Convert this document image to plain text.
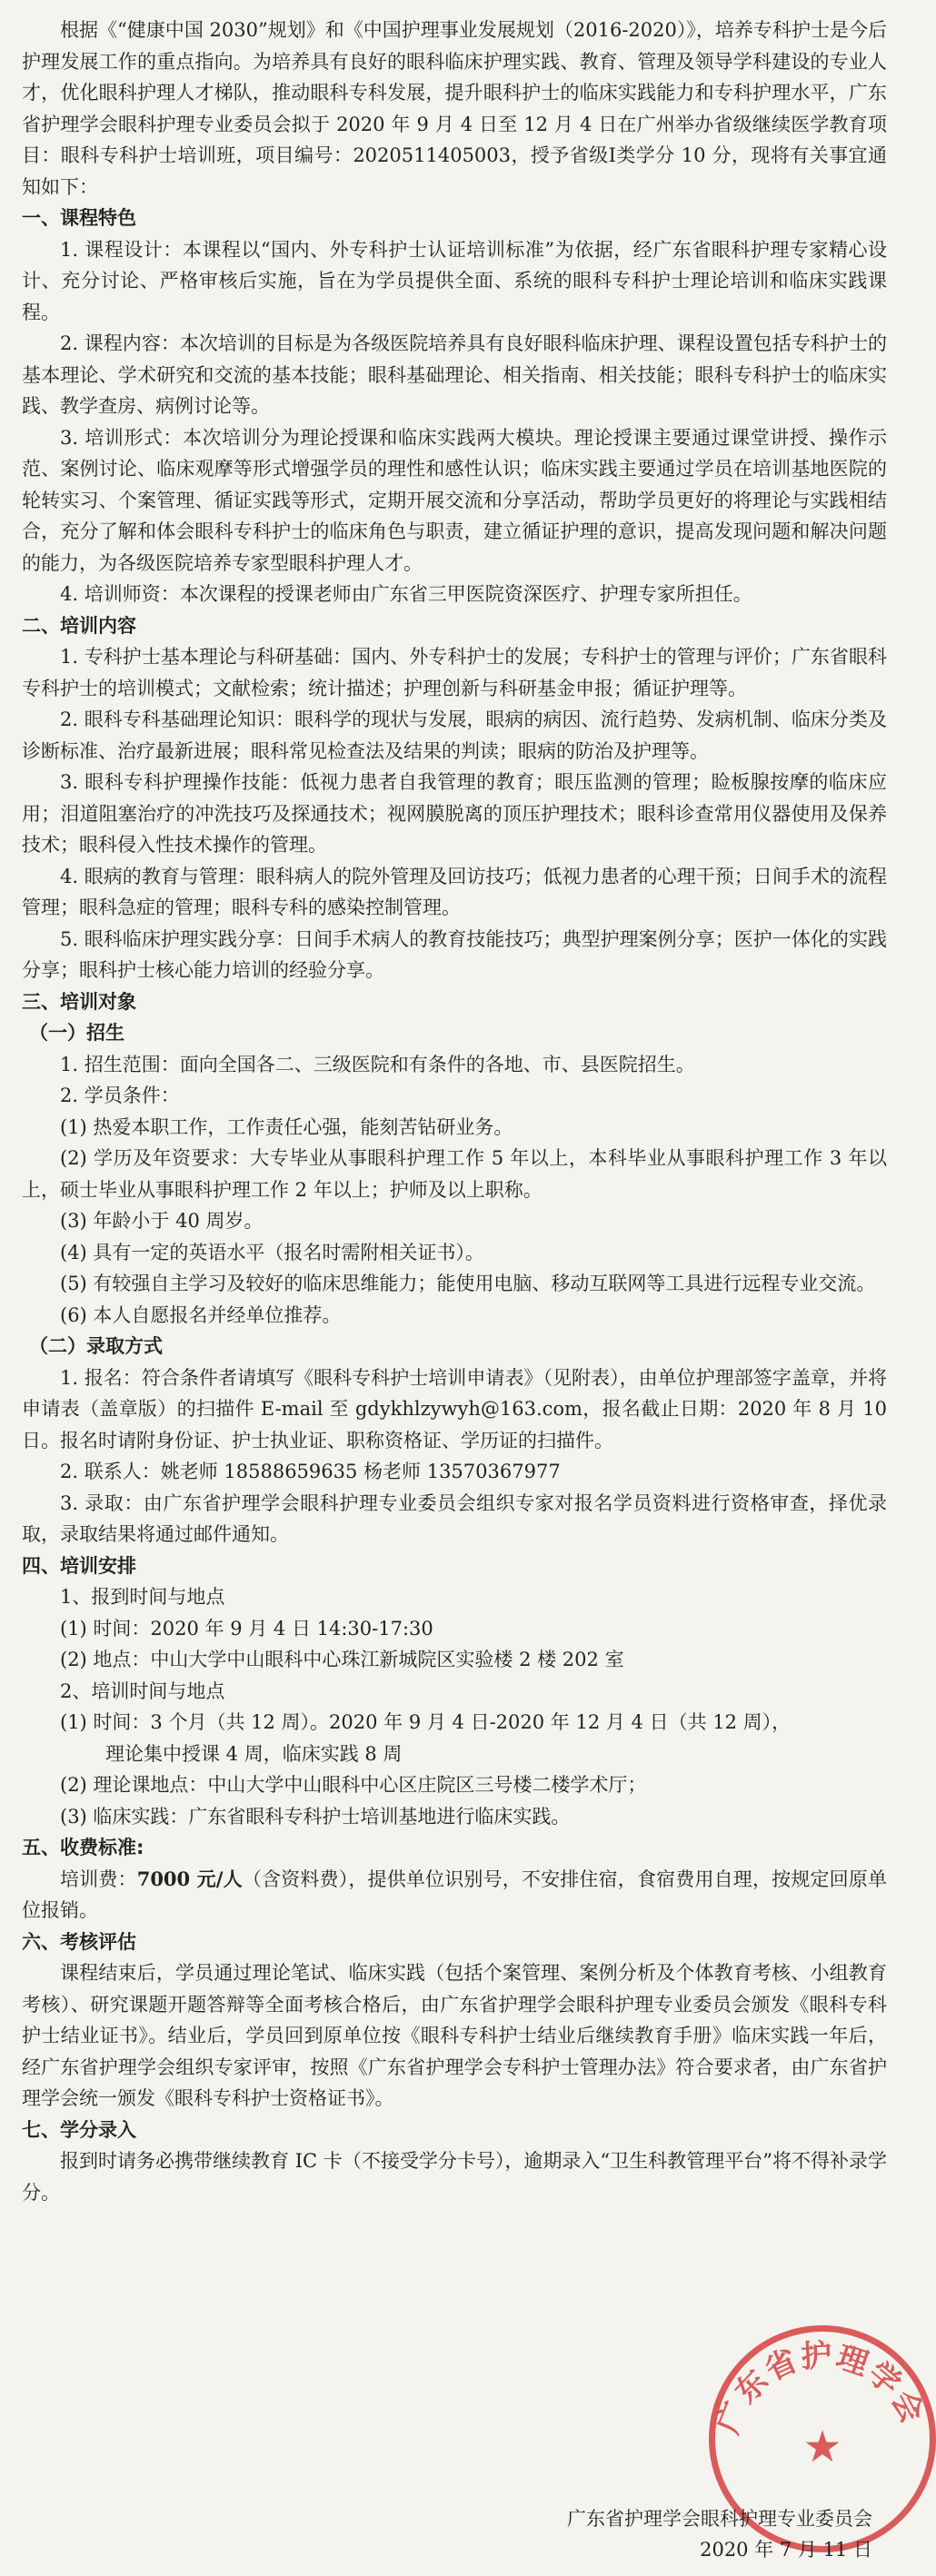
根据《“健康中国 2030”规划》和《中国护理事业发展规划（2016-2020）》，培养专科护士是今后护理发展工作的重点指向。为培养具有良好的眼科临床护理实践、教育、管理及领导学科建设的专业人才，优化眼科护理人才梯队，推动眼科专科发展，提升眼科护士的临床实践能力和专科护理水平，广东省护理学会眼科护理专业委员会拟于 2020 年 9 月 4 日至 12 月 4 日在广州举办省级继续医学教育项目：眼科专科护士培训班，项目编号：2020511405003，授予省级Ⅰ类学分 10 分，现将有关事宜通知如下：

一、课程特色

1. 课程设计：本课程以“国内、外专科护士认证培训标准”为依据，经广东省眼科护理专家精心设计、充分讨论、严格审核后实施，旨在为学员提供全面、系统的眼科专科护士理论培训和临床实践课程。

2. 课程内容：本次培训的目标是为各级医院培养具有良好眼科临床护理、课程设置包括专科护士的基本理论、学术研究和交流的基本技能；眼科基础理论、相关指南、相关技能；眼科专科护士的临床实践、教学查房、病例讨论等。

3. 培训形式：本次培训分为理论授课和临床实践两大模块。理论授课主要通过课堂讲授、操作示范、案例讨论、临床观摩等形式增强学员的理性和感性认识；临床实践主要通过学员在培训基地医院的轮转实习、个案管理、循证实践等形式，定期开展交流和分享活动，帮助学员更好的将理论与实践相结合，充分了解和体会眼科专科护士的临床角色与职责，建立循证护理的意识，提高发现问题和解决问题的能力，为各级医院培养专家型眼科护理人才。

4. 培训师资：本次课程的授课老师由广东省三甲医院资深医疗、护理专家所担任。

二、培训内容

1. 专科护士基本理论与科研基础：国内、外专科护士的发展；专科护士的管理与评价；广东省眼科专科护士的培训模式；文献检索；统计描述；护理创新与科研基金申报；循证护理等。

2. 眼科专科基础理论知识：眼科学的现状与发展，眼病的病因、流行趋势、发病机制、临床分类及诊断标准、治疗最新进展；眼科常见检查法及结果的判读；眼病的防治及护理等。

3. 眼科专科护理操作技能：低视力患者自我管理的教育；眼压监测的管理；睑板腺按摩的临床应用；泪道阻塞治疗的冲洗技巧及探通技术；视网膜脱离的顶压护理技术；眼科诊查常用仪器使用及保养技术；眼科侵入性技术操作的管理。

4. 眼病的教育与管理：眼科病人的院外管理及回访技巧；低视力患者的心理干预；日间手术的流程管理；眼科急症的管理；眼科专科的感染控制管理。

5. 眼科临床护理实践分享：日间手术病人的教育技能技巧；典型护理案例分享；医护一体化的实践分享；眼科护士核心能力培训的经验分享。

三、培训对象

（一）招生

1. 招生范围：面向全国各二、三级医院和有条件的各地、市、县医院招生。

2. 学员条件：

(1) 热爱本职工作，工作责任心强，能刻苦钻研业务。

(2) 学历及年资要求：大专毕业从事眼科护理工作 5 年以上，本科毕业从事眼科护理工作 3 年以上，硕士毕业从事眼科护理工作 2 年以上；护师及以上职称。

(3) 年龄小于 40 周岁。

(4) 具有一定的英语水平（报名时需附相关证书）。

(5) 有较强自主学习及较好的临床思维能力；能使用电脑、移动互联网等工具进行远程专业交流。

(6) 本人自愿报名并经单位推荐。

（二）录取方式

1. 报名：符合条件者请填写《眼科专科护士培训申请表》（见附表），由单位护理部签字盖章，并将申请表（盖章版）的扫描件 E-mail 至 gdykhlzywyh@163.com，报名截止日期：2020 年 8 月 10 日。报名时请附身份证、护士执业证、职称资格证、学历证的扫描件。

2. 联系人：姚老师 18588659635 杨老师 13570367977

3. 录取：由广东省护理学会眼科护理专业委员会组织专家对报名学员资料进行资格审查，择优录取，录取结果将通过邮件通知。

四、培训安排

1、报到时间与地点

(1) 时间：2020 年 9 月 4 日 14:30-17:30

(2) 地点：中山大学中山眼科中心珠江新城院区实验楼 2 楼 202 室

2、培训时间与地点

(1) 时间：3 个月（共 12 周）。2020 年 9 月 4 日-2020 年 12 月 4 日（共 12 周），

理论集中授课 4 周，临床实践 8 周

(2) 理论课地点：中山大学中山眼科中心区庄院区三号楼二楼学术厅；

(3) 临床实践：广东省眼科专科护士培训基地进行临床实践。

五、收费标准:

培训费：7000 元/人（含资料费），提供单位识别号，不安排住宿，食宿费用自理，按规定回原单位报销。

六、考核评估

课程结束后，学员通过理论笔试、临床实践（包括个案管理、案例分析及个体教育考核、小组教育考核）、研究课题开题答辩等全面考核合格后，由广东省护理学会眼科护理专业委员会颁发《眼科专科护士结业证书》。结业后，学员回到原单位按《眼科专科护士结业后继续教育手册》临床实践一年后，经广东省护理学会组织专家评审，按照《广东省护理学会专科护士管理办法》符合要求者，由广东省护理学会统一颁发《眼科专科护士资格证书》。

七、学分录入

报到时请务必携带继续教育 IC 卡（不接受学分卡号），逾期录入“卫生科教管理平台”将不得补录学分。

广东省护理学会
★
广东省护理学会眼科护理专业委员会
2020 年 7 月 11 日
